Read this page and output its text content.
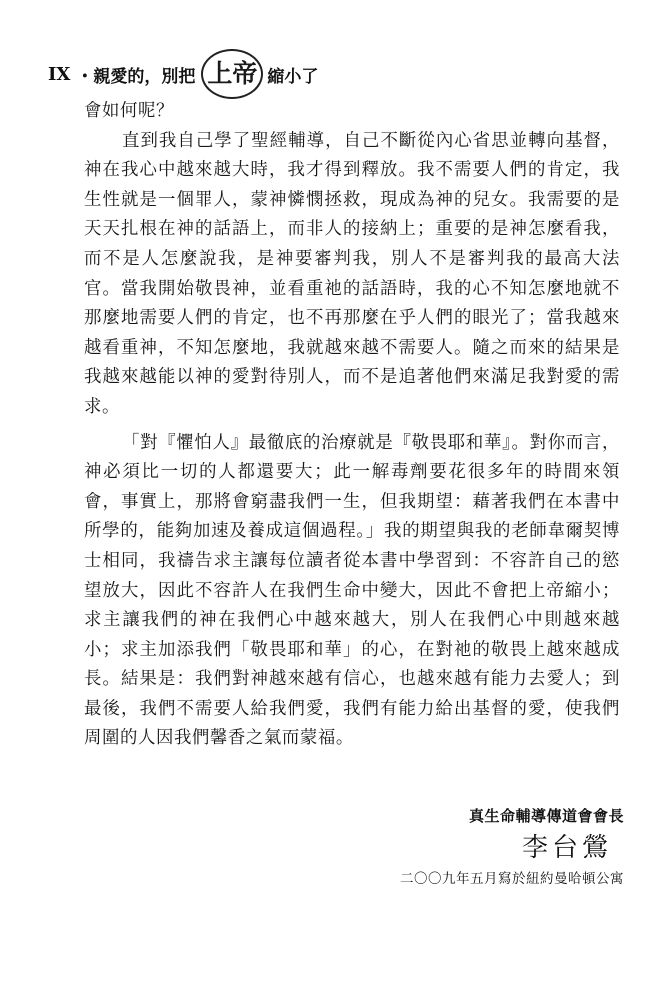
IX ・親愛的，別把 上帝 縮小了

會如何呢？

直到我自己學了聖經輔導，自己不斷從內心省思並轉向基督，神在我心中越來越大時，我才得到釋放。我不需要人們的肯定，我生性就是一個罪人，蒙神憐憫拯救，現成為神的兒女。我需要的是天天扎根在神的話語上，而非人的接納上；重要的是神怎麼看我，而不是人怎麼說我，是神要審判我，別人不是審判我的最高大法官。當我開始敬畏神，並看重祂的話語時，我的心不知怎麼地就不那麼地需要人們的肯定，也不再那麼在乎人們的眼光了；當我越來越看重神，不知怎麼地，我就越來越不需要人。隨之而來的結果是我越來越能以神的愛對待別人，而不是追著他們來滿足我對愛的需求。

「對『懼怕人』最徹底的治療就是『敬畏耶和華』。對你而言，神必須比一切的人都還要大；此一解毒劑要花很多年的時間來領會，事實上，那將會窮盡我們一生，但我期望：藉著我們在本書中所學的，能夠加速及養成這個過程。」我的期望與我的老師韋爾契博士相同，我禱告求主讓每位讀者從本書中學習到：不容許自己的慾望放大，因此不容許人在我們生命中變大，因此不會把上帝縮小；求主讓我們的神在我們心中越來越大，別人在我們心中則越來越小；求主加添我們「敬畏耶和華」的心，在對祂的敬畏上越來越成長。結果是：我們對神越來越有信心，也越來越有能力去愛人；到最後，我們不需要人給我們愛，我們有能力給出基督的愛，使我們周圍的人因我們馨香之氣而蒙福。

真生命輔導傳道會會長
李台鶯
二〇〇九年五月寫於紐約曼哈頓公寓
